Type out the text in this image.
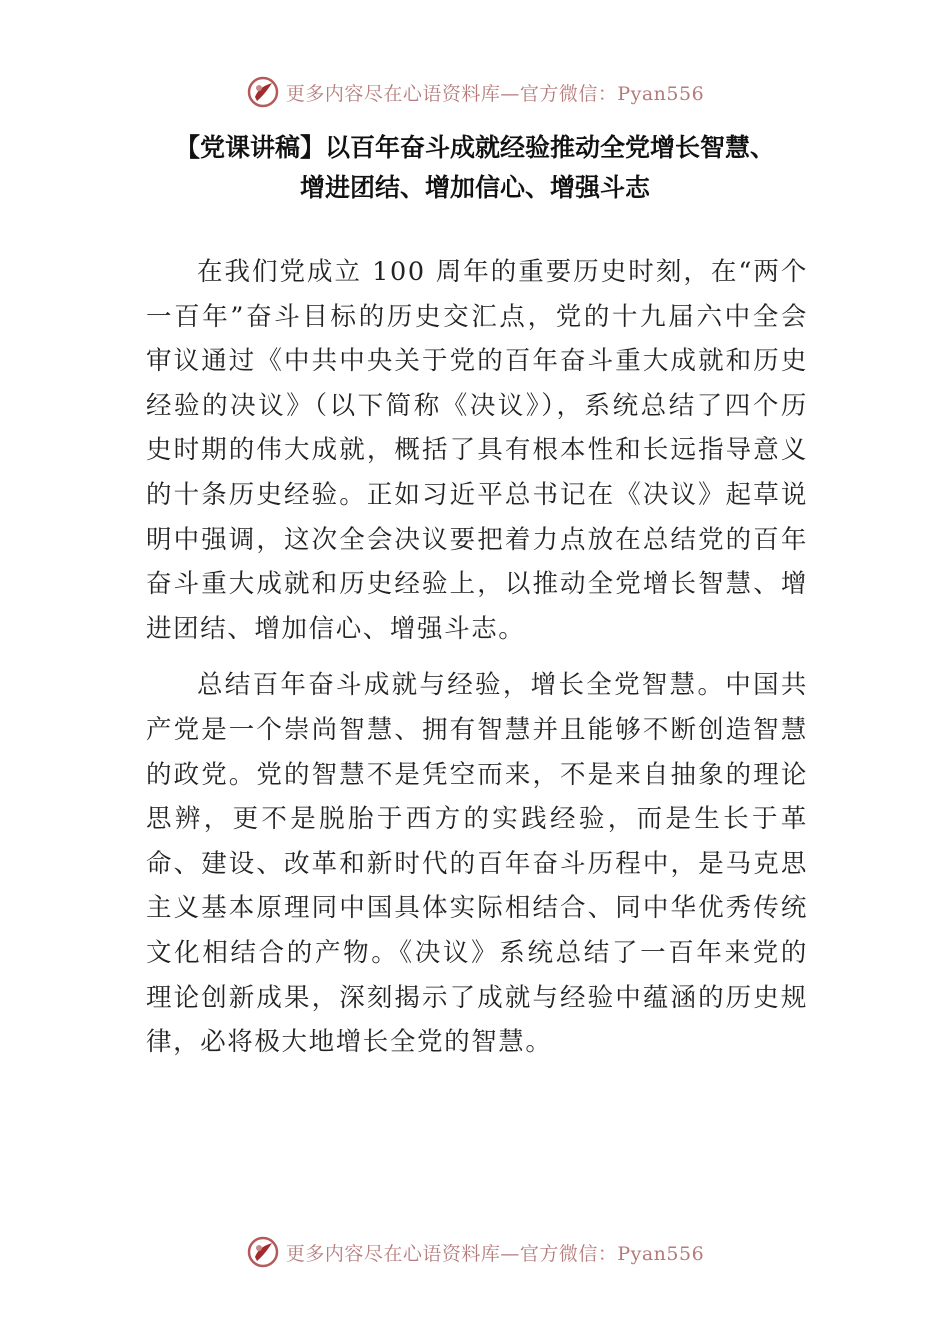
更多内容尽在心语资料库—官方微信：Pyan556
【党课讲稿】以百年奋斗成就经验推动全党增长智慧、
增进团结、增加信心、增强斗志

在我们党成立 100 周年的重要历史时刻，在“两个一百年”奋斗目标的历史交汇点，党的十九届六中全会审议通过《中共中央关于党的百年奋斗重大成就和历史经验的决议》（以下简称《决议》），系统总结了四个历史时期的伟大成就，概括了具有根本性和长远指导意义的十条历史经验。正如习近平总书记在《决议》起草说明中强调，这次全会决议要把着力点放在总结党的百年奋斗重大成就和历史经验上，以推动全党增长智慧、增进团结、增加信心、增强斗志。

总结百年奋斗成就与经验，增长全党智慧。中国共产党是一个崇尚智慧、拥有智慧并且能够不断创造智慧的政党。党的智慧不是凭空而来，不是来自抽象的理论思辨，更不是脱胎于西方的实践经验，而是生长于革命、建设、改革和新时代的百年奋斗历程中，是马克思主义基本原理同中国具体实际相结合、同中华优秀传统文化相结合的产物。《决议》系统总结了一百年来党的理论创新成果，深刻揭示了成就与经验中蕴涵的历史规律，必将极大地增长全党的智慧。

更多内容尽在心语资料库—官方微信：Pyan556
